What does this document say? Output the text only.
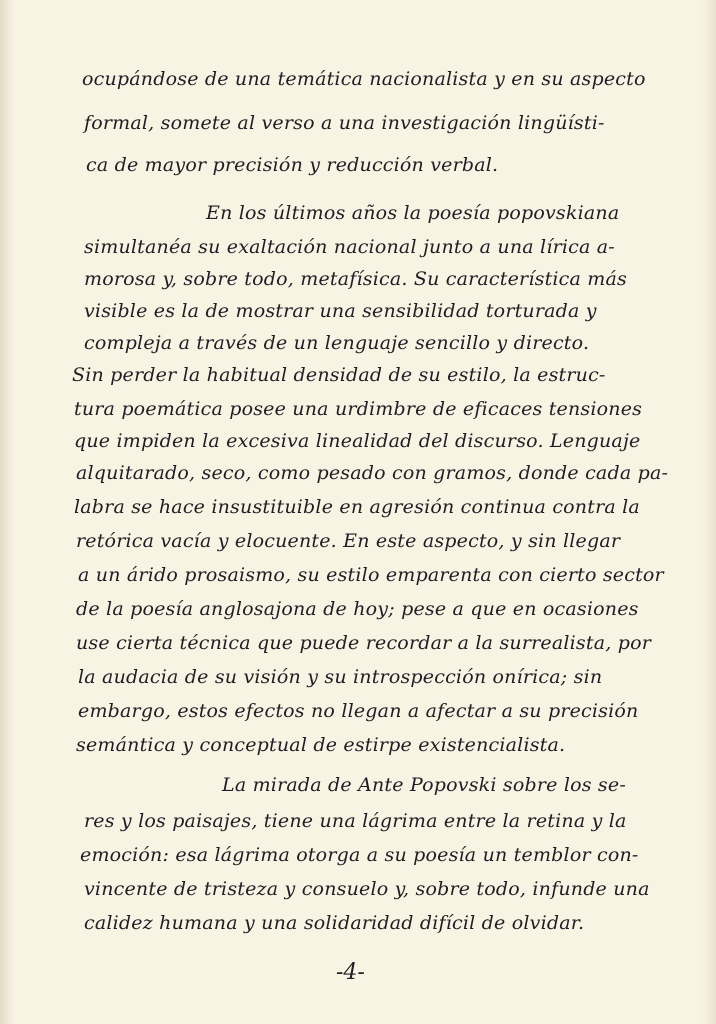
ocupándose de una temática nacionalista y en su aspecto
formal, somete al verso a una investigación lingüísti-
ca de mayor precisión y reducción verbal.
En los últimos años la poesía popovskiana
simultanéa su exaltación nacional junto a una lírica a-
morosa y, sobre todo, metafísica. Su característica más
visible es la de mostrar una sensibilidad torturada y
compleja a través de un lenguaje sencillo y directo.
Sin perder la habitual densidad de su estilo, la estruc-
tura poemática posee una urdimbre de eficaces tensiones
que impiden la excesiva linealidad del discurso. Lenguaje
alquitarado, seco, como pesado con gramos, donde cada pa-
labra se hace insustituible en agresión continua contra la
retórica vacía y elocuente. En este aspecto, y sin llegar
a un árido prosaismo, su estilo emparenta con cierto sector
de la poesía anglosajona de hoy; pese a que en ocasiones
use cierta técnica que puede recordar a la surrealista, por
la audacia de su visión y su introspección onírica; sin
embargo, estos efectos no llegan a afectar a su precisión
semántica y conceptual de estirpe existencialista.
La mirada de Ante Popovski sobre los se-
res y los paisajes, tiene una lágrima entre la retina y la
emoción: esa lágrima otorga a su poesía un temblor con-
vincente de tristeza y consuelo y, sobre todo, infunde una
calidez humana y una solidaridad difícil de olvidar.
-4-
